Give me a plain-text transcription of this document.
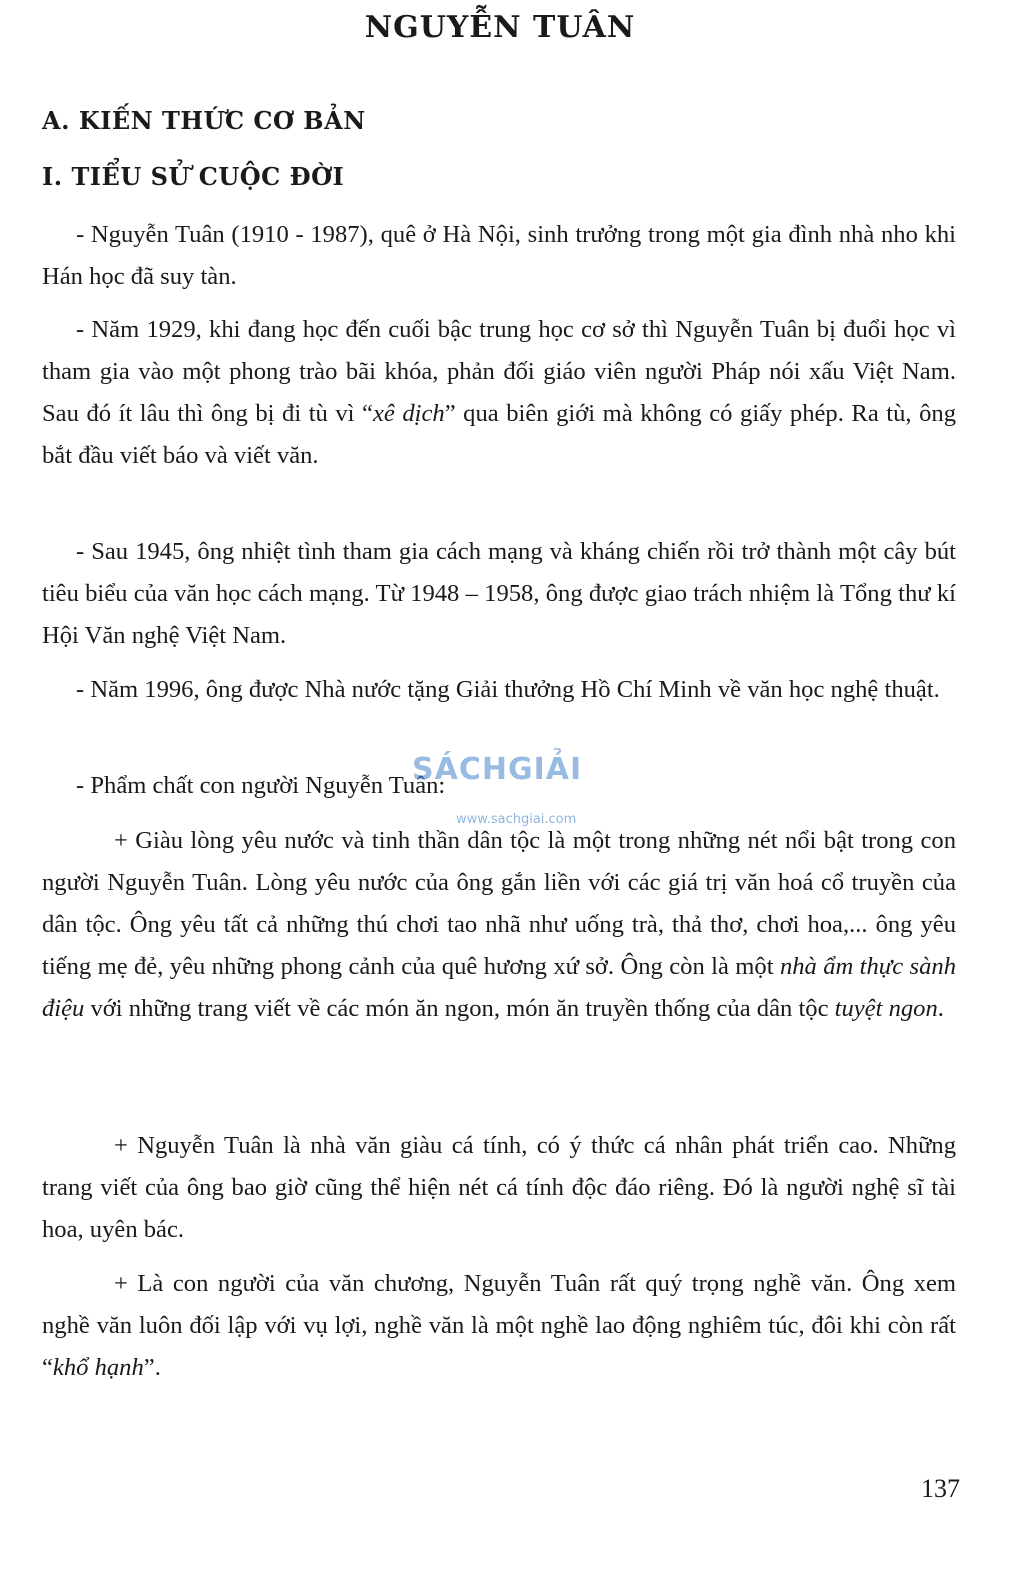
NGUYỄN TUÂN
A. KIẾN THỨC CƠ BẢN
I. TIỂU SỬ CUỘC ĐỜI

- Nguyễn Tuân (1910 - 1987), quê ở Hà Nội, sinh trưởng trong một gia đình nhà nho khi Hán học đã suy tàn.

- Năm 1929, khi đang học đến cuối bậc trung học cơ sở thì Nguyễn Tuân bị đuổi học vì tham gia vào một phong trào bãi khóa, phản đối giáo viên người Pháp nói xấu Việt Nam. Sau đó ít lâu thì ông bị đi tù vì “xê dịch” qua biên giới mà không có giấy phép. Ra tù, ông bắt đầu viết báo và viết văn.

- Sau 1945, ông nhiệt tình tham gia cách mạng và kháng chiến rồi trở thành một cây bút tiêu biểu của văn học cách mạng. Từ 1948 – 1958, ông được giao trách nhiệm là Tổng thư kí Hội Văn nghệ Việt Nam.

- Năm 1996, ông được Nhà nước tặng Giải thưởng Hồ Chí Minh về văn học nghệ thuật.

- Phẩm chất con người Nguyễn Tuân:

+ Giàu lòng yêu nước và tinh thần dân tộc là một trong những nét nổi bật trong con người Nguyễn Tuân. Lòng yêu nước của ông gắn liền với các giá trị văn hoá cổ truyền của dân tộc. Ông yêu tất cả những thú chơi tao nhã như uống trà, thả thơ, chơi hoa,... ông yêu tiếng mẹ đẻ, yêu những phong cảnh của quê hương xứ sở. Ông còn là một nhà ẩm thực sành điệu với những trang viết về các món ăn ngon, món ăn truyền thống của dân tộc tuyệt ngon.

+ Nguyễn Tuân là nhà văn giàu cá tính, có ý thức cá nhân phát triển cao. Những trang viết của ông bao giờ cũng thể hiện nét cá tính độc đáo riêng. Đó là người nghệ sĩ tài hoa, uyên bác.

+ Là con người của văn chương, Nguyễn Tuân rất quý trọng nghề văn. Ông xem nghề văn luôn đối lập với vụ lợi, nghề văn là một nghề lao động nghiêm túc, đôi khi còn rất “khổ hạnh”.

SÁCHGIẢI
www.sachgiai.com
137
